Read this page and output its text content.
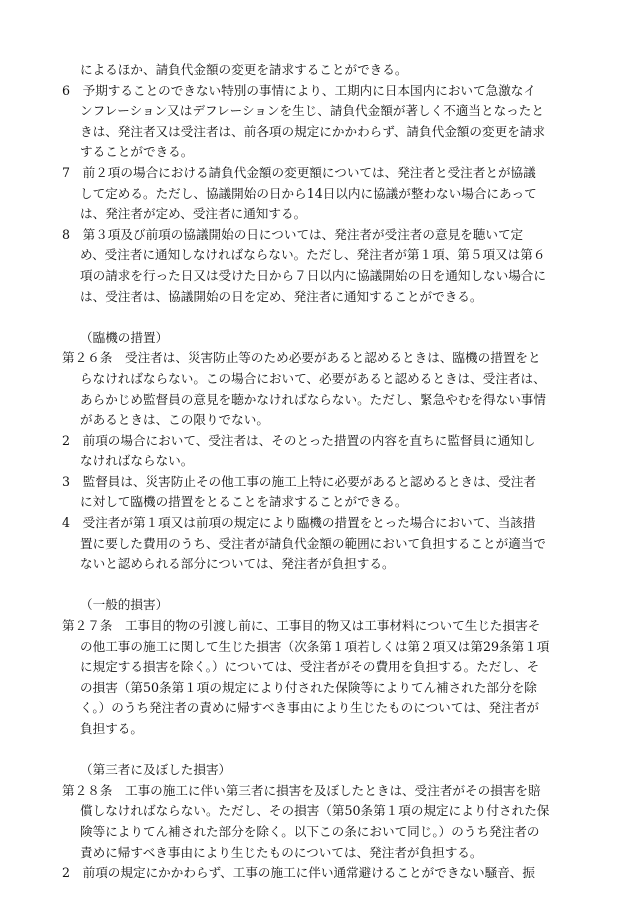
によるほか、請負代金額の変更を請求することができる。
6　予期することのできない特別の事情により、工期内に日本国内において急激なイ
ンフレーション又はデフレーションを生じ、請負代金額が著しく不適当となったと
きは、発注者又は受注者は、前各項の規定にかかわらず、請負代金額の変更を請求
することができる。
7　前２項の場合における請負代金額の変更額については、発注者と受注者とが協議
して定める。ただし、協議開始の日から14日以内に協議が整わない場合にあって
は、発注者が定め、受注者に通知する。
8　第３項及び前項の協議開始の日については、発注者が受注者の意見を聴いて定
め、受注者に通知しなければならない。ただし、発注者が第１項、第５項又は第６
項の請求を行った日又は受けた日から７日以内に協議開始の日を通知しない場合に
は、受注者は、協議開始の日を定め、発注者に通知することができる。
（臨機の措置）
第２６条　受注者は、災害防止等のため必要があると認めるときは、臨機の措置をと
らなければならない。この場合において、必要があると認めるときは、受注者は、
あらかじめ監督員の意見を聴かなければならない。ただし、緊急やむを得ない事情
があるときは、この限りでない。
2　前項の場合において、受注者は、そのとった措置の内容を直ちに監督員に通知し
なければならない。
3　監督員は、災害防止その他工事の施工上特に必要があると認めるときは、受注者
に対して臨機の措置をとることを請求することができる。
4　受注者が第１項又は前項の規定により臨機の措置をとった場合において、当該措
置に要した費用のうち、受注者が請負代金額の範囲において負担することが適当で
ないと認められる部分については、発注者が負担する。
（一般的損害）
第２７条　工事目的物の引渡し前に、工事目的物又は工事材料について生じた損害そ
の他工事の施工に関して生じた損害（次条第１項若しくは第２項又は第29条第１項
に規定する損害を除く。）については、受注者がその費用を負担する。ただし、そ
の損害（第50条第１項の規定により付された保険等によりてん補された部分を除
く。）のうち発注者の責めに帰すべき事由により生じたものについては、発注者が
負担する。
（第三者に及ぼした損害）
第２８条　工事の施工に伴い第三者に損害を及ぼしたときは、受注者がその損害を賠
償しなければならない。ただし、その損害（第50条第１項の規定により付された保
険等によりてん補された部分を除く。以下この条において同じ。）のうち発注者の
責めに帰すべき事由により生じたものについては、発注者が負担する。
2　前項の規定にかかわらず、工事の施工に伴い通常避けることができない騒音、振
